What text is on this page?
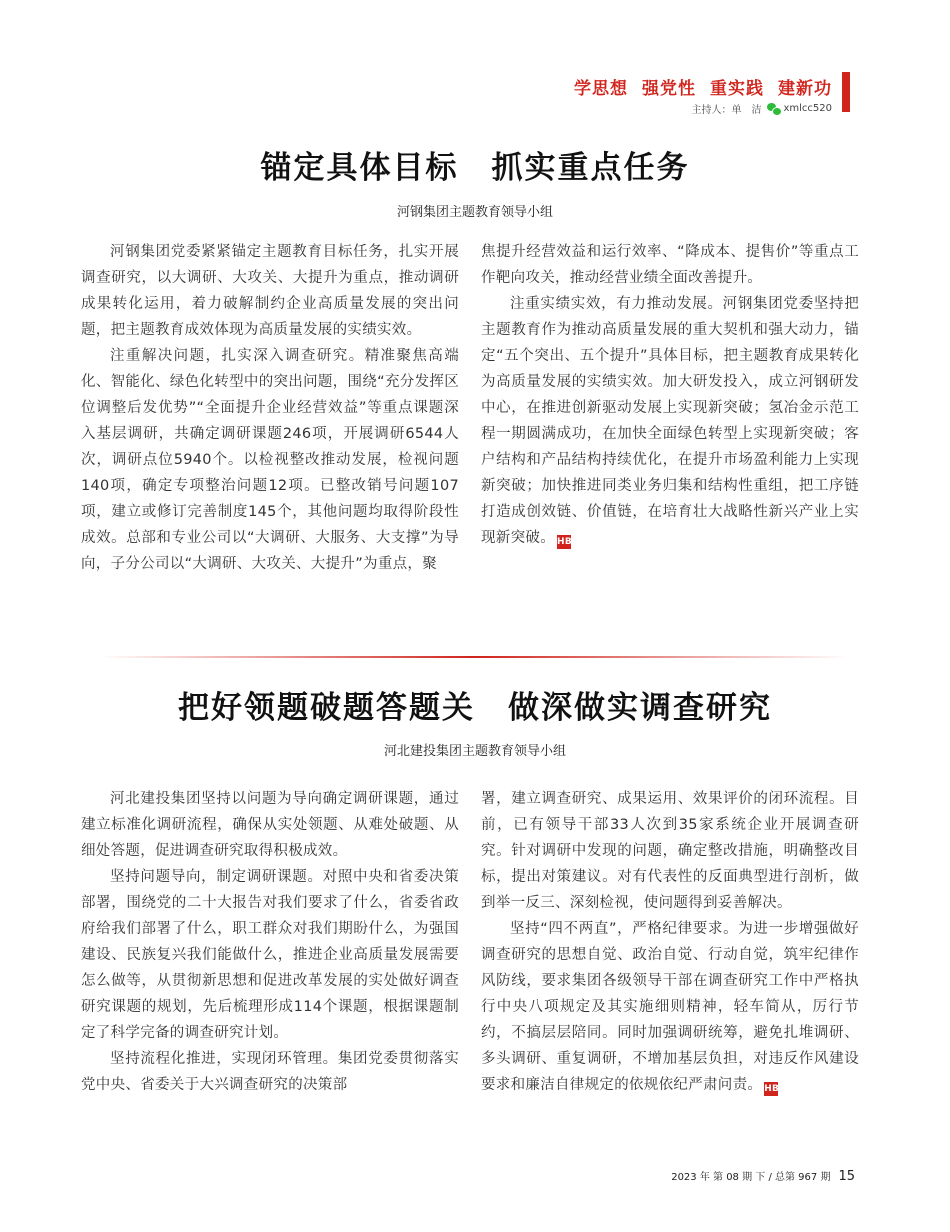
学思想 强党性 重实践 建新功
主持人：单　洁 xmlcc520
锚定具体目标　抓实重点任务
河钢集团主题教育领导小组

河钢集团党委紧紧锚定主题教育目标任务，扎实开展调查研究，以大调研、大攻关、大提升为重点，推动调研成果转化运用，着力破解制约企业高质量发展的突出问题，把主题教育成效体现为高质量发展的实绩实效。

注重解决问题，扎实深入调查研究。精准聚焦高端化、智能化、绿色化转型中的突出问题，围绕“充分发挥区位调整后发优势”“全面提升企业经营效益”等重点课题深入基层调研，共确定调研课题246项，开展调研6544人次，调研点位5940个。以检视整改推动发展，检视问题140项，确定专项整治问题12项。已整改销号问题107项，建立或修订完善制度145个，其他问题均取得阶段性成效。总部和专业公司以“大调研、大服务、大支撑”为导向，子分公司以“大调研、大攻关、大提升”为重点，聚

焦提升经营效益和运行效率、“降成本、提售价”等重点工作靶向攻关，推动经营业绩全面改善提升。

注重实绩实效，有力推动发展。河钢集团党委坚持把主题教育作为推动高质量发展的重大契机和强大动力，锚定“五个突出、五个提升”具体目标，把主题教育成果转化为高质量发展的实绩实效。加大研发投入，成立河钢研发中心，在推进创新驱动发展上实现新突破；氢冶金示范工程一期圆满成功，在加快全面绿色转型上实现新突破；客户结构和产品结构持续优化，在提升市场盈利能力上实现新突破；加快推进同类业务归集和结构性重组，把工序链打造成创效链、价值链，在培育壮大战略性新兴产业上实现新突破。 HB

把好领题破题答题关　做深做实调查研究
河北建投集团主题教育领导小组

河北建投集团坚持以问题为导向确定调研课题，通过建立标准化调研流程，确保从实处领题、从难处破题、从细处答题，促进调查研究取得积极成效。

坚持问题导向，制定调研课题。对照中央和省委决策部署，围绕党的二十大报告对我们要求了什么，省委省政府给我们部署了什么，职工群众对我们期盼什么，为强国建设、民族复兴我们能做什么，推进企业高质量发展需要怎么做等，从贯彻新思想和促进改革发展的实处做好调查研究课题的规划，先后梳理形成114个课题，根据课题制定了科学完备的调查研究计划。

坚持流程化推进，实现闭环管理。集团党委贯彻落实党中央、省委关于大兴调查研究的决策部

署，建立调查研究、成果运用、效果评价的闭环流程。目前，已有领导干部33人次到35家系统企业开展调查研究。针对调研中发现的问题，确定整改措施，明确整改目标，提出对策建议。对有代表性的反面典型进行剖析，做到举一反三、深刻检视，使问题得到妥善解决。

坚持“四不两直”，严格纪律要求。为进一步增强做好调查研究的思想自觉、政治自觉、行动自觉，筑牢纪律作风防线，要求集团各级领导干部在调查研究工作中严格执行中央八项规定及其实施细则精神，轻车简从，厉行节约，不搞层层陪同。同时加强调研统筹，避免扎堆调研、多头调研、重复调研，不增加基层负担，对违反作风建设要求和廉洁自律规定的依规依纪严肃问责。 HB

2023 年 第 08 期 下 / 总第 967 期 15
